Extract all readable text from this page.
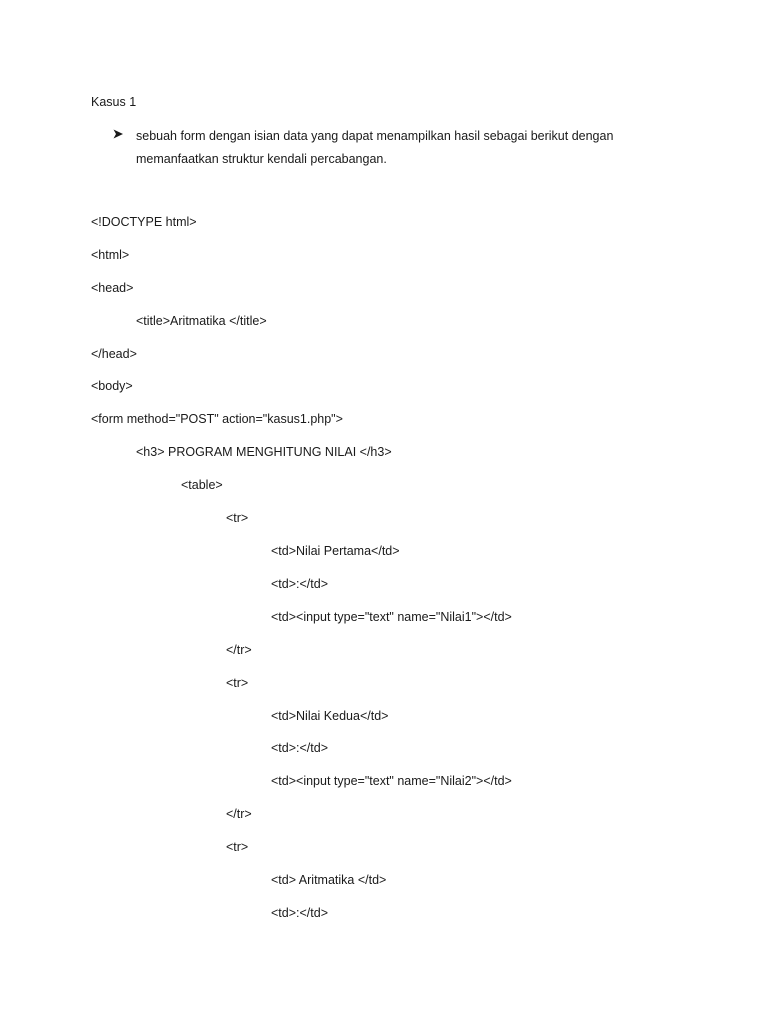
Kasus 1
sebuah form dengan isian data yang dapat menampilkan hasil sebagai berikut dengan memanfaatkan struktur kendali percabangan.
<!DOCTYPE html>
<html>
<head>
<title>Aritmatika </title>
</head>
<body>
<form method="POST" action="kasus1.php">
<h3> PROGRAM MENGHITUNG NILAI </h3>
<table>
<tr>
<td>Nilai Pertama</td>
<td>:</td>
<td><input type="text" name="Nilai1"></td>
</tr>
<tr>
<td>Nilai Kedua</td>
<td>:</td>
<td><input type="text" name="Nilai2"></td>
</tr>
<tr>
<td> Aritmatika </td>
<td>:</td>
